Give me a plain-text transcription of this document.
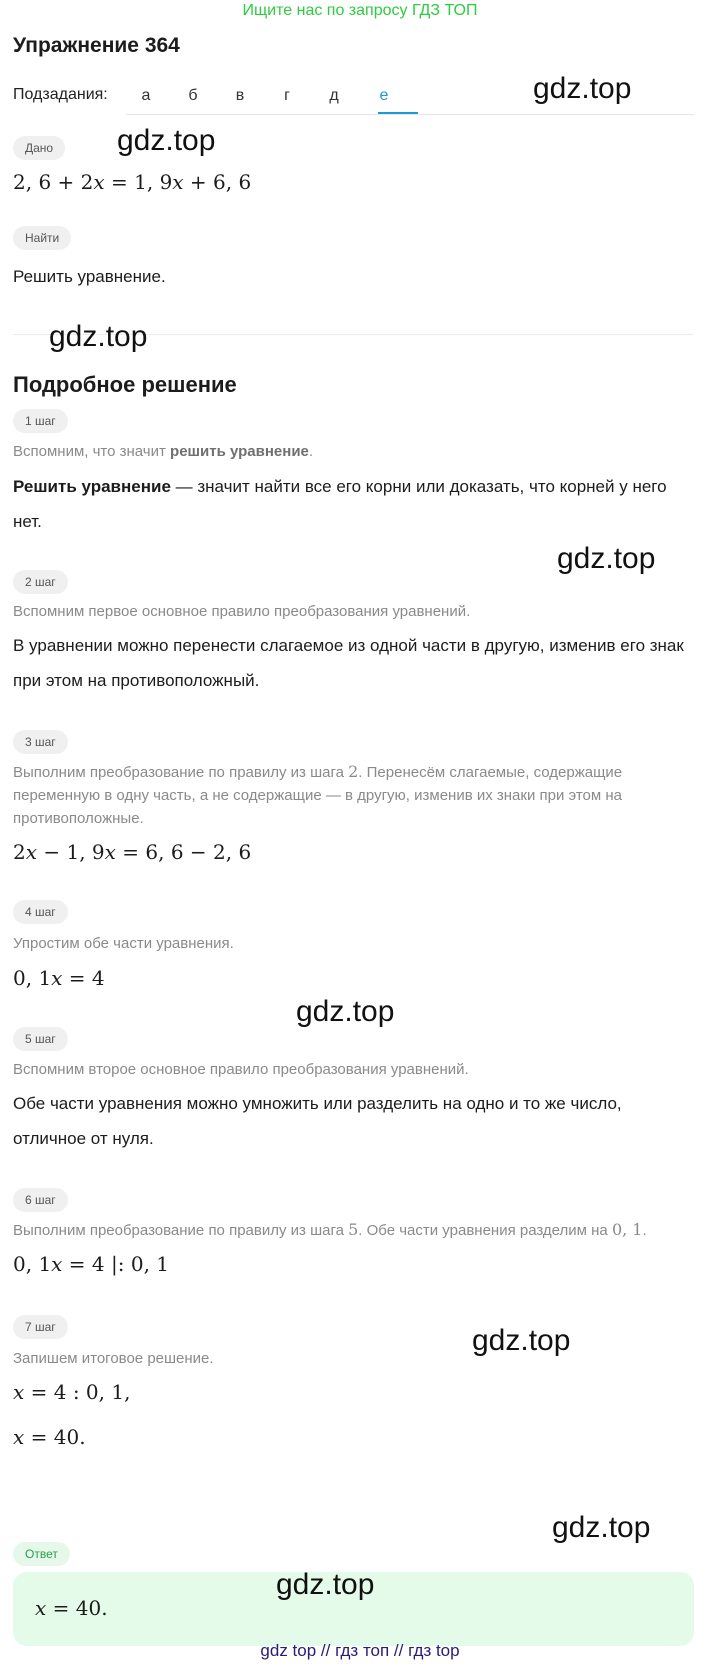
Ищите нас по запросу ГДЗ ТОП
Упражнение 364
Подзадания:	а	б	в	г	д	е
Дано
2, 6 + 2x = 1, 9x + 6, 6
Найти
Решить уравнение.
Подробное решение
1 шаг
Вспомним, что значит решить уравнение.
Решить уравнение — значит найти все его корни или доказать, что корней у него нет.
2 шаг
Вспомним первое основное правило преобразования уравнений.
В уравнении можно перенести слагаемое из одной части в другую, изменив его знак при этом на противоположный.
3 шаг
Выполним преобразование по правилу из шага 2. Перенесём слагаемые, содержащие переменную в одну часть, а не содержащие — в другую, изменив их знаки при этом на противоположные.
2x − 1, 9x = 6, 6 − 2, 6
4 шаг
Упростим обе части уравнения.
0, 1x = 4
5 шаг
Вспомним второе основное правило преобразования уравнений.
Обе части уравнения можно умножить или разделить на одно и то же число, отличное от нуля.
6 шаг
Выполним преобразование по правилу из шага 5. Обе части уравнения разделим на 0, 1.
0, 1x = 4 |: 0, 1
7 шаг
Запишем итоговое решение.
x = 4 : 0, 1,
x = 40.
Ответ
x = 40.
gdz.top
gdz.top
gdz.top
gdz.top
gdz.top
gdz.top
gdz.top
gdz.top
gdz top // гдз топ // гдз top
